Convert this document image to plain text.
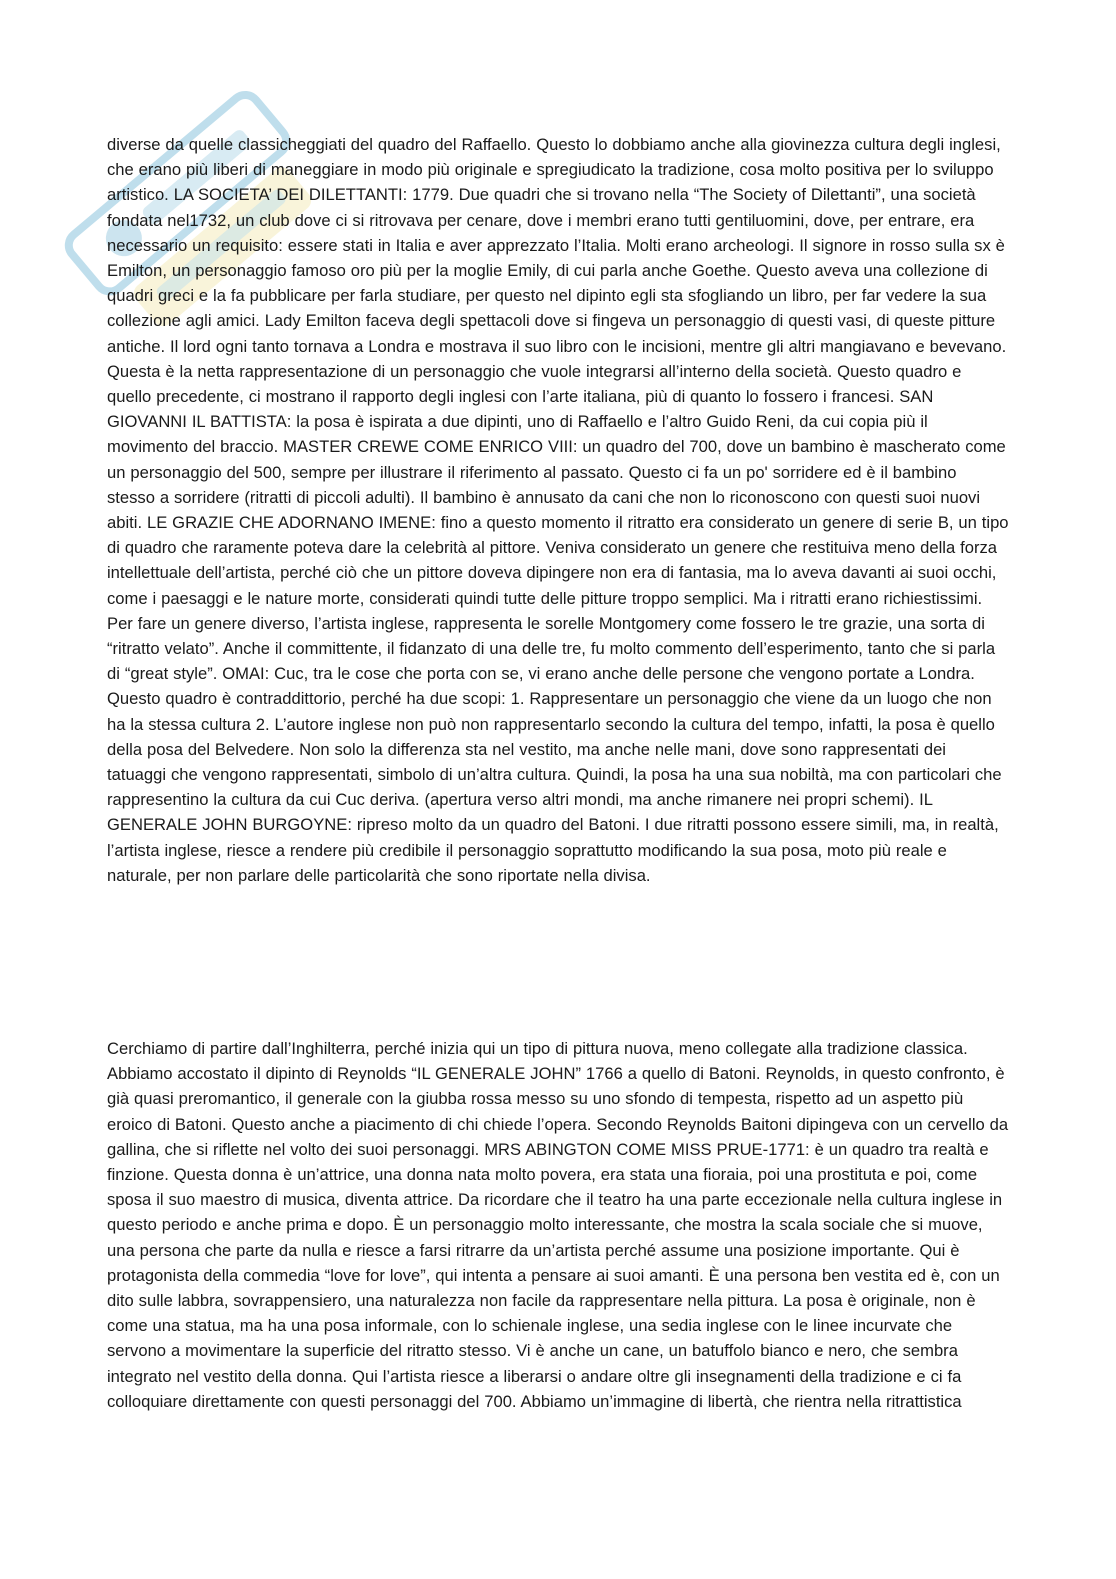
diverse da quelle classicheggiati del quadro del Raffaello. Questo lo dobbiamo anche alla giovinezza cultura degli inglesi, che erano più liberi di maneggiare in modo più originale e spregiudicato la tradizione, cosa molto positiva per lo sviluppo artistico. LA SOCIETA’ DEI DILETTANTI: 1779. Due quadri che si trovano nella “The Society of Dilettanti”, una società fondata nel1732, un club dove ci si ritrovava per cenare, dove i membri erano tutti gentiluomini, dove, per entrare, era necessario un requisito: essere stati in Italia e aver apprezzato l’Italia. Molti erano archeologi. Il signore in rosso sulla sx è Emilton, un personaggio famoso oro più per la moglie Emily, di cui parla anche Goethe. Questo aveva una collezione di quadri greci e la fa pubblicare per farla studiare, per questo nel dipinto egli sta sfogliando un libro, per far vedere la sua collezione agli amici. Lady Emilton faceva degli spettacoli dove si fingeva un personaggio di questi vasi, di queste pitture antiche. Il lord ogni tanto tornava a Londra e mostrava il suo libro con le incisioni, mentre gli altri mangiavano e bevevano. Questa è la netta rappresentazione di un personaggio che vuole integrarsi all’interno della società. Questo quadro e quello precedente, ci mostrano il rapporto degli inglesi con l’arte italiana, più di quanto lo fossero i francesi. SAN GIOVANNI IL BATTISTA: la posa è ispirata a due dipinti, uno di Raffaello e l’altro Guido Reni, da cui copia più il movimento del braccio. MASTER CREWE COME ENRICO VIII: un quadro del 700, dove un bambino è mascherato come un personaggio del 500, sempre per illustrare il riferimento al passato. Questo ci fa un po' sorridere ed è il bambino stesso a sorridere (ritratti di piccoli adulti). Il bambino è annusato da cani che non lo riconoscono con questi suoi nuovi abiti. LE GRAZIE CHE ADORNANO IMENE: fino a questo momento il ritratto era considerato un genere di serie B, un tipo di quadro che raramente poteva dare la celebrità al pittore. Veniva considerato un genere che restituiva meno della forza intellettuale dell’artista, perché ciò che un pittore doveva dipingere non era di fantasia, ma lo aveva davanti ai suoi occhi, come i paesaggi e le nature morte, considerati quindi tutte delle pitture troppo semplici. Ma i ritratti erano richiestissimi. Per fare un genere diverso, l’artista inglese, rappresenta le sorelle Montgomery come fossero le tre grazie, una sorta di “ritratto velato”. Anche il committente, il fidanzato di una delle tre, fu molto commento dell’esperimento, tanto che si parla di “great style”. OMAI: Cuc, tra le cose che porta con se, vi erano anche delle persone che vengono portate a Londra. Questo quadro è contraddittorio, perché ha due scopi: 1. Rappresentare un personaggio che viene da un luogo che non ha la stessa cultura 2. L’autore inglese non può non rappresentarlo secondo la cultura del tempo, infatti, la posa è quello della posa del Belvedere. Non solo la differenza sta nel vestito, ma anche nelle mani, dove sono rappresentati dei tatuaggi che vengono rappresentati, simbolo di un’altra cultura. Quindi, la posa ha una sua nobiltà, ma con particolari che rappresentino la cultura da cui Cuc deriva. (apertura verso altri mondi, ma anche rimanere nei propri schemi). IL GENERALE JOHN BURGOYNE: ripreso molto da un quadro del Batoni. I due ritratti possono essere simili, ma, in realtà, l’artista inglese, riesce a rendere più credibile il personaggio soprattutto modificando la sua posa, moto più reale e naturale, per non parlare delle particolarità che sono riportate nella divisa.

Cerchiamo di partire dall’Inghilterra, perché inizia qui un tipo di pittura nuova, meno collegate alla tradizione classica. Abbiamo accostato il dipinto di Reynolds “IL GENERALE JOHN” 1766 a quello di Batoni. Reynolds, in questo confronto, è già quasi preromantico, il generale con la giubba rossa messo su uno sfondo di tempesta, rispetto ad un aspetto più eroico di Batoni. Questo anche a piacimento di chi chiede l’opera. Secondo Reynolds Baitoni dipingeva con un cervello da gallina, che si riflette nel volto dei suoi personaggi. MRS ABINGTON COME MISS PRUE-1771: è un quadro tra realtà e finzione. Questa donna è un’attrice, una donna nata molto povera, era stata una fioraia, poi una prostituta e poi, come sposa il suo maestro di musica, diventa attrice. Da ricordare che il teatro ha una parte eccezionale nella cultura inglese in questo periodo e anche prima e dopo. È un personaggio molto interessante, che mostra la scala sociale che si muove, una persona che parte da nulla e riesce a farsi ritrarre da un’artista perché assume una posizione importante. Qui è protagonista della commedia “love for love”, qui intenta a pensare ai suoi amanti. È una persona ben vestita ed è, con un dito sulle labbra, sovrappensiero, una naturalezza non facile da rappresentare nella pittura. La posa è originale, non è come una statua, ma ha una posa informale, con lo schienale inglese, una sedia inglese con le linee incurvate che servono a movimentare la superficie del ritratto stesso. Vi è anche un cane, un batuffolo bianco e nero, che sembra integrato nel vestito della donna. Qui l’artista riesce a liberarsi o andare oltre gli insegnamenti della tradizione e ci fa colloquiare direttamente con questi personaggi del 700. Abbiamo un’immagine di libertà, che rientra nella ritrattistica
